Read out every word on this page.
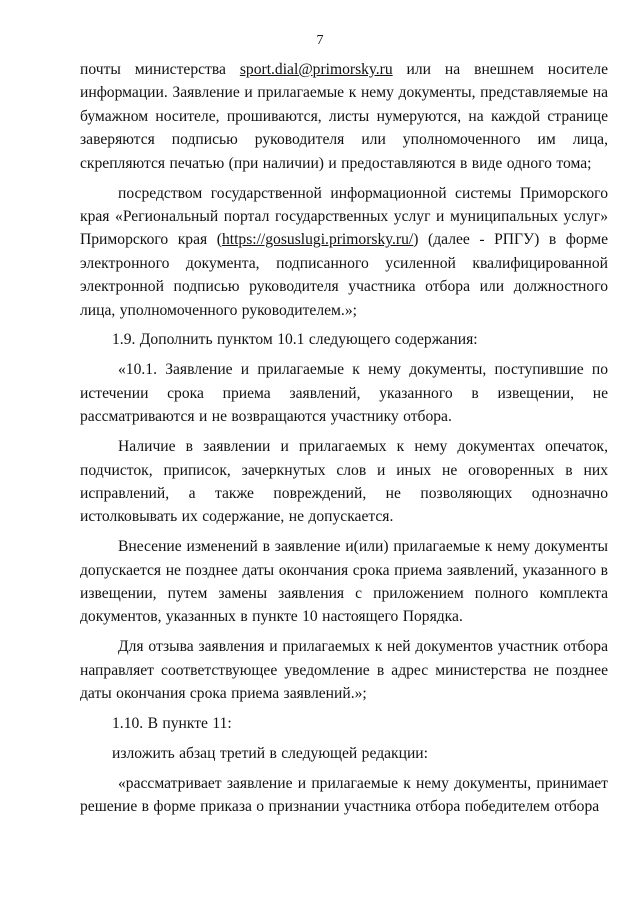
7

почты министерства sport.dial@primorsky.ru или на внешнем носителе информации. Заявление и прилагаемые к нему документы, представляемые на бумажном носителе, прошиваются, листы нумеруются, на каждой странице заверяются подписью руководителя или уполномоченного им лица, скрепляются печатью (при наличии) и предоставляются в виде одного тома;

посредством государственной информационной системы Приморского края «Региональный портал государственных услуг и муниципальных услуг» Приморского края (https://gosuslugi.primorsky.ru/) (далее - РПГУ) в форме электронного документа, подписанного усиленной квалифицированной электронной подписью руководителя участника отбора или должностного лица, уполномоченного руководителем.»;

1.9. Дополнить пунктом 10.1 следующего содержания:

«10.1. Заявление и прилагаемые к нему документы, поступившие по истечении срока приема заявлений, указанного в извещении, не рассматриваются и не возвращаются участнику отбора.

Наличие в заявлении и прилагаемых к нему документах опечаток, подчисток, приписок, зачеркнутых слов и иных не оговоренных в них исправлений, а также повреждений, не позволяющих однозначно истолковывать их содержание, не допускается.

Внесение изменений в заявление и(или) прилагаемые к нему документы допускается не позднее даты окончания срока приема заявлений, указанного в извещении, путем замены заявления с приложением полного комплекта документов, указанных в пункте 10 настоящего Порядка.

Для отзыва заявления и прилагаемых к ней документов участник отбора направляет соответствующее уведомление в адрес министерства не позднее даты окончания срока приема заявлений.»;

1.10. В пункте 11:

изложить абзац третий в следующей редакции:

«рассматривает заявление и прилагаемые к нему документы, принимает решение в форме приказа о признании участника отбора победителем отбора
